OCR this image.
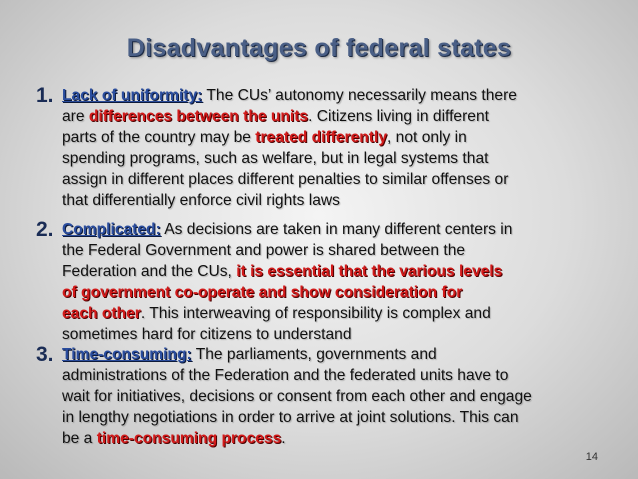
Disadvantages of federal states
1. Lack of uniformity: The CUs’ autonomy necessarily means there
are differences between the units. Citizens living in different
parts of the country may be treated differently, not only in
spending programs, such as welfare, but in legal systems that
assign in different places different penalties to similar offenses or
that differentially enforce civil rights laws
2. Complicated: As decisions are taken in many different centers in
the Federal Government and power is shared between the
Federation and the CUs, it is essential that the various levels
of government co-operate and show consideration for
each other. This interweaving of responsibility is complex and
sometimes hard for citizens to understand
3. Time-consuming: The parliaments, governments and
administrations of the Federation and the federated units have to
wait for initiatives, decisions or consent from each other and engage
in lengthy negotiations in order to arrive at joint solutions. This can
be a time-consuming process.
14
